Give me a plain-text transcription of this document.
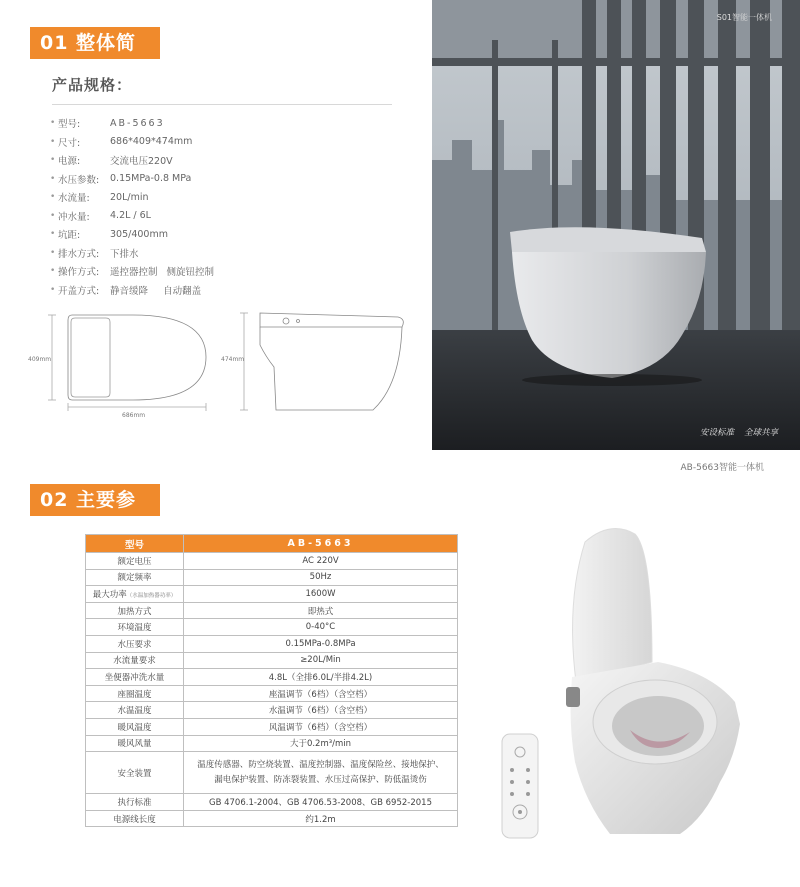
01 整体简介
产品规格：
• 型号:	AB-5663
• 尺寸:	686*409*474mm
• 电源:	交流电压220V
• 水压参数:	0.15MPa-0.8 MPa
• 水流量:	20L/min
• 冲水量:	4.2L / 6L
• 坑距:	305/400mm
• 排水方式:	下排水
• 操作方式:	遥控器控制   侧旋钮控制
• 开盖方式:	静音缓降     自动翻盖
409mm
686mm
474mm
S01智能一体机
安设标准 全球共享
AB-5663智能一体机
02 主要参数
型号	AB-5663
额定电压	AC 220V
额定频率	50Hz
最大功率（水温加热器功率）	1600W
加热方式	即热式
环境温度	0-40°C
水压要求	0.15MPa-0.8MPa
水流量要求	≥20L/Min
坐便器冲洗水量	4.8L（全排6.0L/半排4.2L)
座圈温度	座温调节（6档）（含空档）
水温温度	水温调节（6档）（含空档）
暖风温度	风温调节（6档）（含空档）
暖风风量	大于0.2m³/min
安全装置	温度传感器、防空烧装置、温度控制器、温度保险丝、接地保护、
漏电保护装置、防冻裂装置、水压过高保护、防低温烫伤

执行标准	GB 4706.1-2004、GB 4706.53-2008、GB 6952-2015
电源线长度	约1.2m
